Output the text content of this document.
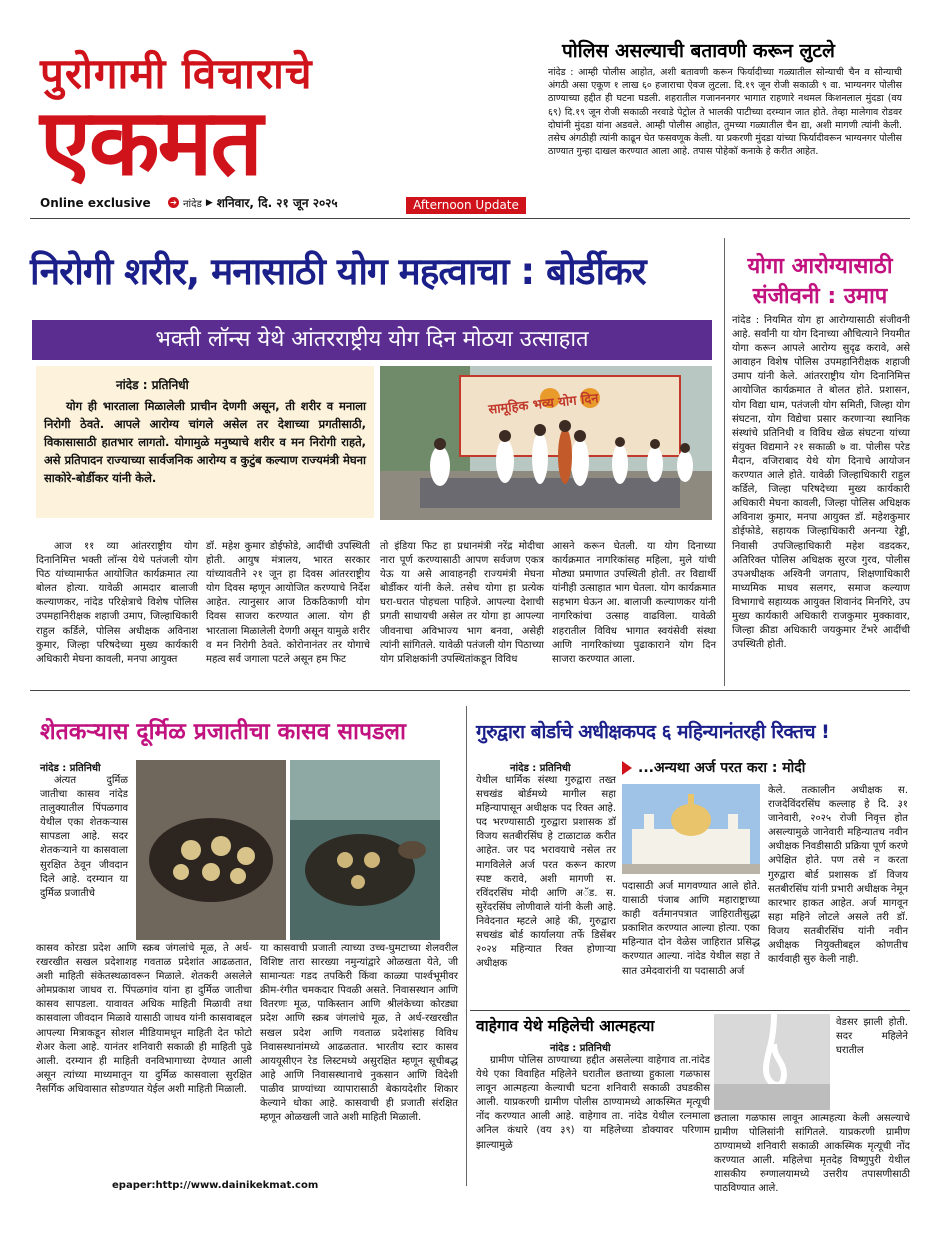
पुरोगामी विचाराचे
एकमत
Online exclusive ➔ नांदेड ▶ शनिवार, दि. २१ जून २०२५	Afternoon Update
पोलिस असल्याची बतावणी करून लुटले
नांदेड : आम्ही पोलीस आहोत, अशी बतावणी करून फिर्यादीच्या गळ्यातील सोन्याची चैन व सोन्याची अंगठी असा एकूण १ लाख ६० हजाराचा ऐवज लुटला. दि.१९ जून रोजी सकाळी ९ वा. भाग्यनगर पोलीस ठाण्याच्या हद्दीत ही घटना घडली. शहरातील गजानननगर भागात राहणारे नथमल किशनलाल मुंदडा (वय ६९) दि.१९ जून रोजी सकाळी नरवाडे पेट्रोल ते भालकी पाटीच्या दरम्यान जात होते. तेव्हा मालेगाव रोडवर दोघांनी मुंदडा यांना अडवले. आम्ही पोलीस आहोत, तुमच्या गळ्यातील चैन द्या, अशी मागणी त्यांनी केली. तसेच अंगठीही त्यांनी काढून घेत फसवणूक केली. या प्रकरणी मुंदडा यांच्या फिर्यादीवरून भाग्यनगर पोलीस ठाण्यात गुन्हा दाखल करण्यात आला आहे. तपास पोहेकॉ कनाके हे करीत आहेत.
निरोगी शरीर, मनासाठी योग महत्वाचा : बोर्डीकर
भक्ती लॉन्स येथे आंतरराष्ट्रीय योग दिन मोठया उत्साहात
नांदेड : प्रतिनिधी
योग ही भारताला मिळालेली प्राचीन देणगी असून, ती शरीर व मनाला निरोगी ठेवते. आपले आरोग्य चांगले असेल तर देशाच्या प्रगतीसाठी, विकासासाठी हातभार लागतो. योगामुळे मनुष्याचे शरीर व मन निरोगी राहते, असे प्रतिपादन राज्याच्या सार्वजनिक आरोग्य व कुटुंब कल्याण राज्यमंत्री मेघना साकोरे-बोर्डीकर यांनी केले.
सामूहिक भव्य योग दिन
आज ११ व्या आंतरराष्ट्रीय योग दिनानिमित्त भक्ती लॉन्स येथे पतंजली योग पिठ यांच्यामार्फत आयोजित कार्यक्रमात त्या बोलत होत्या. यावेळी आमदार बालाजी कल्याणकर, नांदेड परिक्षेत्राचे विशेष पोलिस उपमहानिरीक्षक शहाजी उमाप, जिल्हाधिकारी राहुल कर्डिले, पोलिस अधीक्षक अविनाश कुमार, जिल्हा परिषदेच्या मुख्य कार्यकारी अधिकारी मेघना कावली, मनपा आयुक्त
डॉ. महेश कुमार डोईफोडे, आदींची उपस्थिती होती. आयुष मंत्रालय, भारत सरकार यांच्यावतीने २१ जून हा दिवस आंतरराष्ट्रीय योग दिवस म्हणून आयोजित करण्याचे निर्देश आहेत. त्यानुसार आज ठिकठिकाणी योग दिवस साजरा करण्यात आला. योग ही भारताला मिळालेली देणगी असून यामुळे शरीर व मन निरोगी ठेवते. कोरोनानंतर तर योगाचे महत्व सर्व जगाला पटले असून हम फिट
तो इंडिया फिट हा प्रधानमंत्री नरेंद्र मोदीचा नारा पूर्ण करण्यासाठी आपण सर्वजण एकत्र येऊ या असे आवाहनही राज्यमंत्री मेघना बोर्डीकर यांनी केले. तसेच योगा हा प्रत्येक घरा-घरात पोहचला पाहिजे. आपल्या देशाची प्रगती साधायची असेल तर योगा हा आपल्या जीवनाचा अविभाज्य भाग बनवा, असेही त्यांनी सांगितले. यावेळी पतंजली योग पिठाच्या योग प्रशिक्षकांनी उपस्थितांकडून विविध
आसने करून घेतली. या योग दिनाच्या कार्यक्रमात नागरिकांसह महिला, मुले यांची मोठ्या प्रमाणात उपस्थिती होती. तर विद्यार्थी यांनीही उत्साहात भाग घेतला. योग कार्यक्रमात सहभाग घेऊन आ. बालाजी कल्याणकर यांनी नागरिकांचा उत्साह वाढविला. यावेळी शहरातील विविध भागात स्वयंसेवी संस्था आणि नागरिकांच्या पुढाकाराने योग दिन साजरा करण्यात आला.
योगा आरोग्यासाठी
संजीवनी : उमाप
नांदेड : नियमित योग हा आरोग्यासाठी संजीवनी आहे. सर्वांनी या योग दिनाच्या औचित्याने नियमीत योगा करून आपले आरोग्य सुदृढ करावे, असे आवाहन विशेष पोलिस उपमहानिरीक्षक शहाजी उमाप यांनी केले. आंतरराष्ट्रीय योग दिनानिमित्त आयोजित कार्यक्रमात ते बोलत होते. प्रशासन, योग विद्या धाम, पतंजली योग समिती, जिल्हा योग संघटना, योग विद्येचा प्रसार करणाऱ्या स्थानिक संस्थांचे प्रतिनिधी व विविध खेळ संघटना यांच्या संयुक्त विद्यमाने २१ सकाळी ७ वा. पोलीस परेड मैदान, वजिराबाद येथे योग दिनाचे आयोजन करण्यात आले होते. यावेळी जिल्हाधिकारी राहुल कर्डिले, जिल्हा परिषदेच्या मुख्य कार्यकारी अधिकारी मेघना कावली, जिल्हा पोलिस अधिक्षक अविनाश कुमार, मनपा आयुक्त डॉ. महेशकुमार डोईफोडे, सहायक जिल्हाधिकारी अनन्या रेड्डी, निवासी उपजिल्हाधिकारी महेश वडदकर, अतिरिक्त पोलिस अधिक्षक सुरज गुरव, पोलीस उपअधीक्षक अश्विनी जगताप, शिक्षणाधिकारी माध्यमिक माधव सलगर, समाज कल्याण विभागाचे सहाय्यक आयुक्त शिवानंद मिनगिरे, उप मुख्य कार्यकारी अधिकारी राजकुमार मुक्कावार, जिल्हा क्रीडा अधिकारी जयकुमार टेंभरे आदींची उपस्थिती होती.
शेतकऱ्यास दूर्मिळ प्रजातीचा कासव सापडला
नांदेड : प्रतिनिधी
अंत्यत दुर्मिळ जातीचा कासव नांदेड तालुक्यातील पिंपळगाव येथील एका शेतकऱ्यास सापडला आहे. सदर शेतकऱ्याने या कासवाला सुरक्षित ठेवून जीवदान दिले आहे. दरम्यान या दुर्मिळ प्रजातीचे
कासव कोरडा प्रदेश आणि स्क्रब जंगलांचे मूळ, ते अर्ध-रखरखीत सखल प्रदेशाशह गवताळ प्रदेशांत आढळतात, अशी माहिती संकेतस्थळावरून मिळाले. शेतकरी असलेले ओमप्रकाश जाधव रा. पिंपळगांव यांना हा दुर्मिळ जातीचा कासव सापडला. यावावत अधिक माहिती मिळावी तथा कासवाला जीवदान मिळावे यासाठी जाधव यांनी कासवाबद्दल आपल्या मित्राकडून सोशल मीडियामधून माहिती देत फोटो शेअर केला आहे. यानंतर शनिवारी सकाळी ही माहिती पुढे आली. दरम्यान ही माहिती वनविभागाच्या देण्यात आली असून त्यांच्या माध्यमातून या दुर्मिळ कासवाला सुरक्षित नैसर्गिक अधिवासात सोडण्यात येईल अशी माहिती मिळाली.
या कासवाची प्रजाती त्याच्या उच्च-घुमटाच्या शेलवरील विशिष्ट तारा सारख्या नमुन्यांद्वारे ओळखता येते, जी सामान्यतः गडद तपकिरी किंवा काळ्या पार्श्वभूमीवर क्रीम-रंगीत चमकदार पिवळी असते. निवासस्थान आणि वितरणः मूळ, पाकिस्तान आणि श्रीलंकेच्या कोरड्या प्रदेश आणि स्क्रब जंगलांचे मूळ, ते अर्ध-रखरखीत सखल प्रदेश आणि गवताळ प्रदेशांसह विविध निवासस्थानांमध्ये आढळतात. भारतीय स्टार कासव आययूसीएन रेड लिस्टमध्ये असुरक्षित म्हणून सूचीबद्ध आहे आणि निवासस्थानाचे नुकसान आणि विदेशी पाळीव प्राण्यांच्या व्यापारासाठी बेकायदेशीर शिकार केल्याने धोका आहे. कासवाची ही प्रजाती संरक्षित म्हणून ओळखली जाते अशी माहिती मिळाली.
गुरुद्वारा बोर्डाचे अधीक्षकपद ६ महिन्यानंतरही रिक्तच !
नांदेड : प्रतिनिधी
येथील धार्मिक संस्था गुरुद्वारा तख्त सचखंड बोर्डमध्ये मागील सहा महिन्यापासून अधीक्षक पद रिक्त आहे. पद भरण्यासाठी गुरुद्वारा प्रशासक डॉ विजय सतबीरसिंघ हे टाळाटाळ करीत आहेत. जर पद भरावयाचे नसेल तर मागविलेले अर्ज परत करून कारण स्पष्ट करावे, अशी मागणी स. रविंदरसिंघ मोदी आणि अॅड. स. सुरेंदरसिंघ लोणीवाले यांनी केली आहे. निवेदनात म्हटले आहे की, गुरुद्वारा सचखंड बोर्ड कार्यालया तर्फे डिसेंबर २०२४ महिन्यात रिक्त होणाऱ्या अधीक्षक
...अन्यथा अर्ज परत करा : मोदी
पदासाठी अर्ज मागवण्यात आले होते. यासाठी पंजाब आणि महाराष्ट्राच्या काही वर्तमानपत्रात जाहिरातीसुद्धा प्रकाशित करण्यात आल्या होत्या. एका महिन्यात दोन वेळेस जाहिरात प्रसिद्ध करण्यात आल्या. नांदेड येथील सहा ते सात उमेदवारांनी या पदासाठी अर्ज
केले. तत्कालीन अधीक्षक स. राजदेविंदरसिंघ कल्लाह हे दि. ३१ जानेवारी, २०२५ रोजी निवृत्त होत असल्यामुळे जानेवारी महिन्यातच नवीन अधीक्षक निवडीसाठी प्रक्रिया पूर्ण करणे अपेक्षित होते. पण तसे न करता गुरुद्वारा बोर्ड प्रशासक डॉ विजय सतबीरसिंघ यांनी प्रभारी अधीक्षक नेमून कारभार हाकत आहेत. अर्ज मागवून सहा महिने लोटले असले तरी डॉ. विजय सतबीरसिंघ यांनी नवीन अधीक्षक नियुक्तीबद्दल कोणतीच कार्यवाही सुरु केली नाही.
वाहेगाव येथे महिलेची आत्महत्या
नांदेड : प्रतिनिधी
ग्रामीण पोलिस ठाण्याच्या हद्दीत असलेल्या वाहेगाव ता.नांदेड येथे एका विवाहित महिलेने घरातील छताच्या हुकाला गळफास लावून आत्महत्या केल्याची घटना शनिवारी सकाळी उघडकीस आली. याप्रकरणी ग्रामीण पोलीस ठाण्यामध्ये आकस्मित मृत्यूची नोंद करण्यात आली आहे. वाहेगाव ता. नांदेड येथील रत्नमाला अनिल कंधारे (वय ३९) या महिलेच्या डोक्यावर परिणाम झाल्यामुळे
वेडसर झाली होती. सदर महिलेने घरातील
छताला गळफास लावून आत्महत्या केली असल्याचे ग्रामीण पोलिसांनी सांगितले. याप्रकरणी ग्रामीण ठाण्यामध्ये शनिवारी सकाळी आकस्मिक मृत्यूची नोंद करण्यात आली. महिलेचा मृतदेह विष्णुपुरी येथील शासकीय रुग्णालयामध्ये उत्तरीय तपासणीसाठी पाठविण्यात आले.
epaper:http://www.dainikekmat.com
